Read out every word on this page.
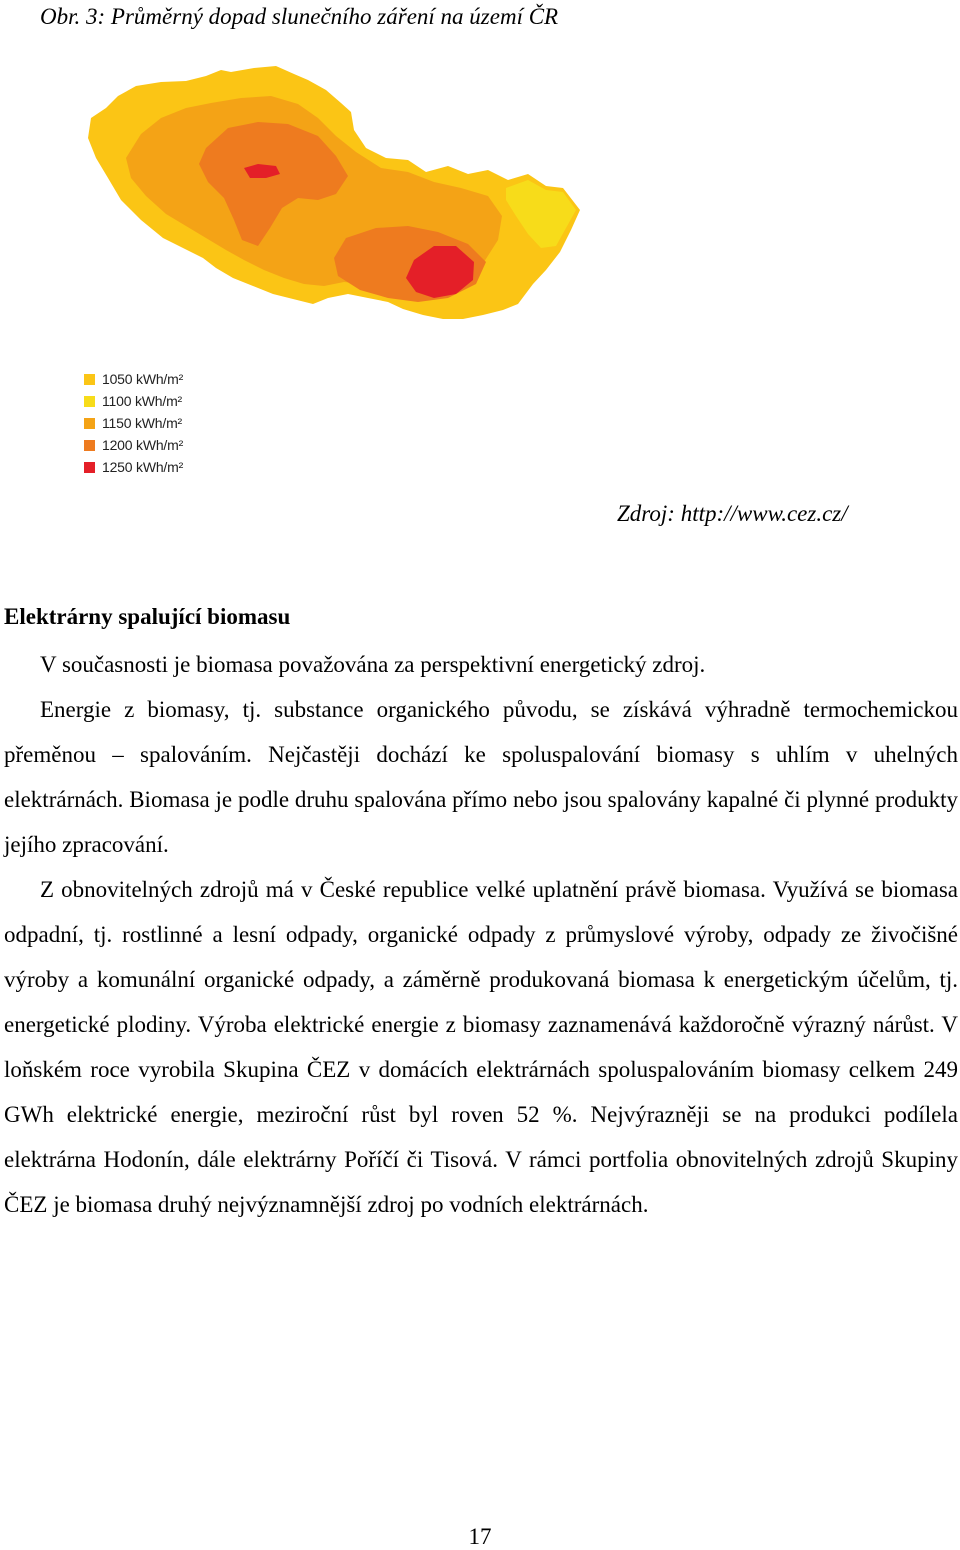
Obr. 3: Průměrný dopad slunečního záření na území ČR
1050 kWh/m²
1100 kWh/m²
1150 kWh/m²
1200 kWh/m²
1250 kWh/m²

Zdroj: http://www.cez.cz/

Elektrárny spalující biomasu

V současnosti je biomasa považována za perspektivní energetický zdroj.

Energie z biomasy, tj. substance organického původu, se získává výhradně termochemickou přeměnou – spalováním. Nejčastěji dochází ke spoluspalování biomasy s uhlím v uhelných elektrárnách. Biomasa je podle druhu spalována přímo nebo jsou spalovány kapalné či plynné produkty jejího zpracování.

Z obnovitelných zdrojů má v České republice velké uplatnění právě biomasa. Využívá se biomasa odpadní, tj. rostlinné a lesní odpady, organické odpady z průmyslové výroby, odpady ze živočišné výroby a komunální organické odpady, a záměrně produkovaná biomasa k energetickým účelům, tj. energetické plodiny. Výroba elektrické energie z biomasy zaznamenává každoročně výrazný nárůst. V loňském roce vyrobila Skupina ČEZ v domácích elektrárnách spoluspalováním biomasy celkem 249 GWh elektrické energie, meziroční růst byl roven 52 %. Nejvýrazněji se na produkci podílela elektrárna Hodonín, dále elektrárny Poříčí či Tisová. V rámci portfolia obnovitelných zdrojů Skupiny ČEZ je biomasa druhý nejvýznamnější zdroj po vodních elektrárnách.

17
